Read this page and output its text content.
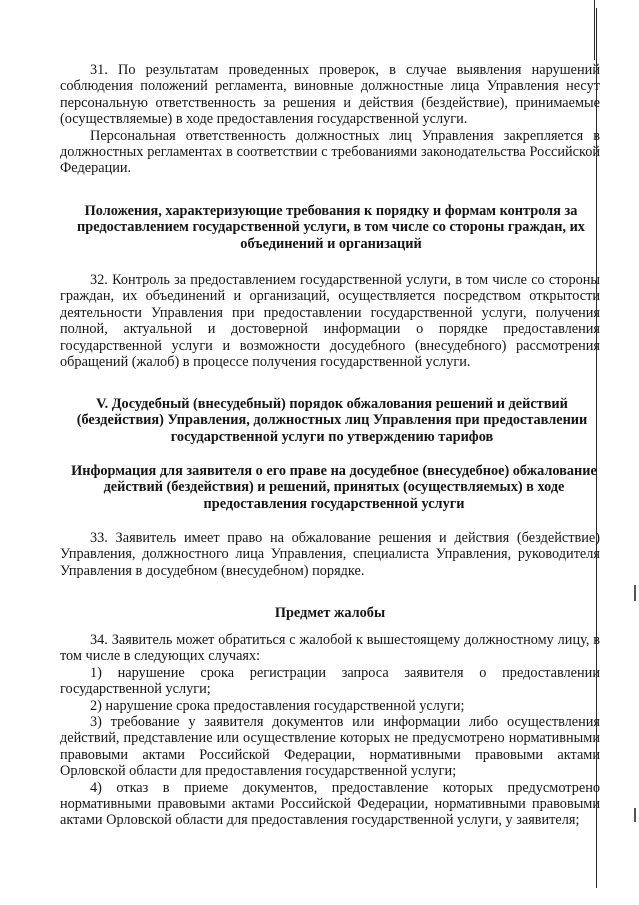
31. По результатам проведенных проверок, в случае выявления нарушений соблюдения положений регламента, виновные должностные лица Управления несут персональную ответственность за решения и действия (бездействие), принимаемые (осуществляемые) в ходе предоставления государственной услуги.

Персональная ответственность должностных лиц Управления закрепляется в должностных регламентах в соответствии с требованиями законодательства Российской Федерации.

Положения, характеризующие требования к порядку и формам контроля за предоставлением государственной услуги, в том числе со стороны граждан, их объединений и организаций

32. Контроль за предоставлением государственной услуги, в том числе со стороны граждан, их объединений и организаций, осуществляется посредством открытости деятельности Управления при предоставлении государственной услуги, получения полной, актуальной и достоверной информации о порядке предоставления государственной услуги и возможности досудебного (внесудебного) рассмотрения обращений (жалоб) в процессе получения государственной услуги.

V. Досудебный (внесудебный) порядок обжалования решений и действий (бездействия) Управления, должностных лиц Управления при предоставлении государственной услуги по утверждению тарифов

Информация для заявителя о его праве на досудебное (внесудебное) обжалование действий (бездействия) и решений, принятых (осуществляемых) в ходе предоставления государственной услуги

33. Заявитель имеет право на обжалование решения и действия (бездействие) Управления, должностного лица Управления, специалиста Управления, руководителя Управления в досудебном (внесудебном) порядке.

Предмет жалобы

34. Заявитель может обратиться с жалобой к вышестоящему должностному лицу, в том числе в следующих случаях:

1) нарушение срока регистрации запроса заявителя о предоставлении государственной услуги;

2) нарушение срока предоставления государственной услуги;

3) требование у заявителя документов или информации либо осуществления действий, представление или осуществление которых не предусмотрено нормативными правовыми актами Российской Федерации, нормативными правовыми актами Орловской области для предоставления государственной услуги;

4) отказ в приеме документов, предоставление которых предусмотрено нормативными правовыми актами Российской Федерации, нормативными правовыми актами Орловской области для предоставления государственной услуги, у заявителя;
